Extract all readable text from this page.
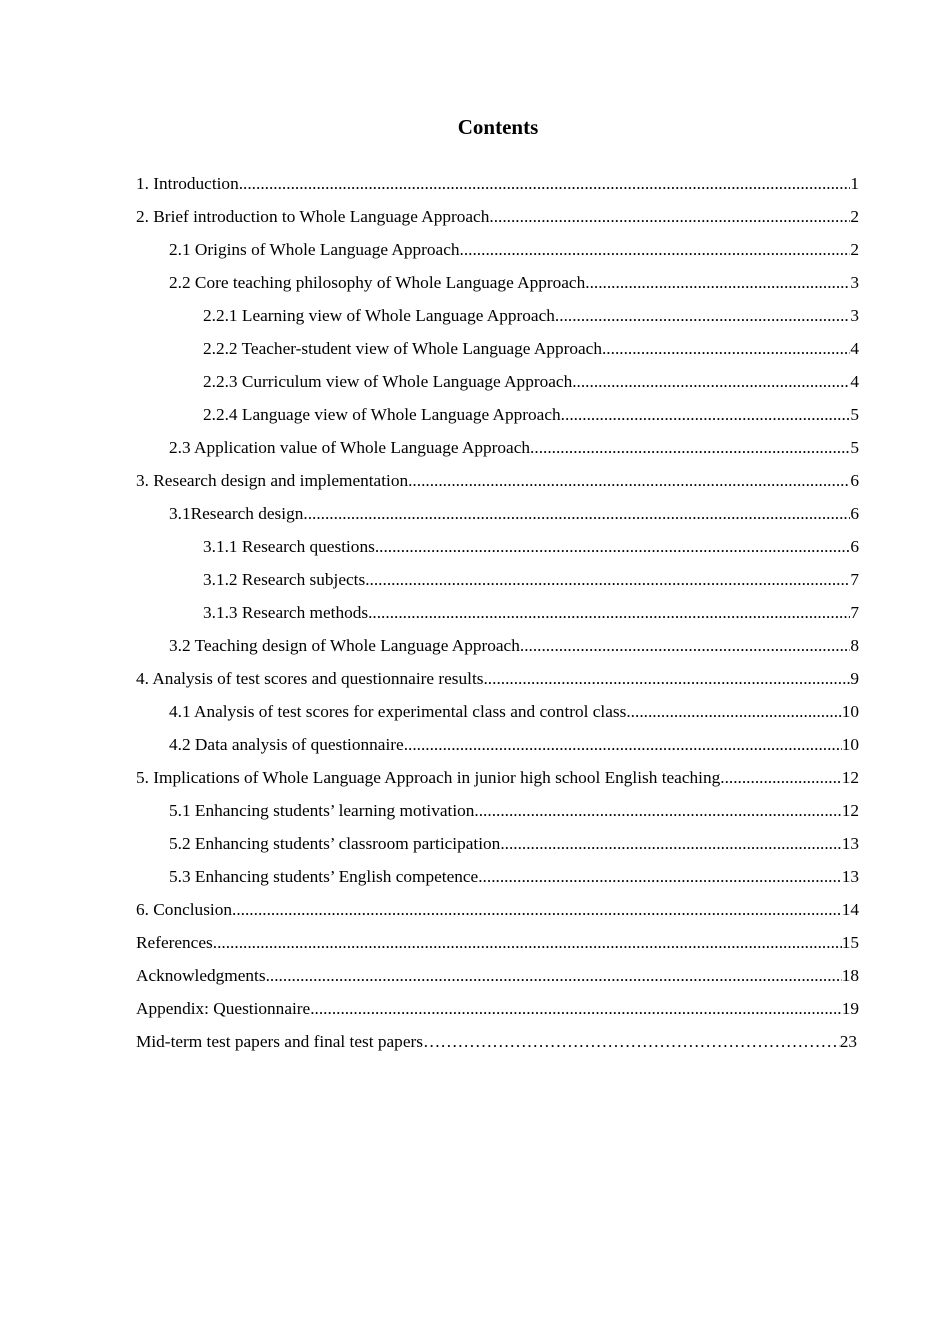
Contents
1. Introduction .....	1
2. Brief introduction to Whole Language Approach .....	2
2.1 Origins of Whole Language Approach .....	2
2.2 Core teaching philosophy of Whole Language Approach .....	3
2.2.1 Learning view of Whole Language Approach .....	3
2.2.2 Teacher-student view of Whole Language Approach .....	4
2.2.3 Curriculum view of Whole Language Approach .....	4
2.2.4 Language view of Whole Language Approach .....	5
2.3 Application value of Whole Language Approach .....	5
3. Research design and implementation .....	6
3.1Research design .....	6
3.1.1 Research questions .....	6
3.1.2 Research subjects .....	7
3.1.3 Research methods .....	7
3.2 Teaching design of Whole Language Approach .....	8
4. Analysis of test scores and questionnaire results .....	9
4.1 Analysis of test scores for experimental class and control class .....	10
4.2 Data analysis of questionnaire .....	10
5. Implications of Whole Language Approach in junior high school English teaching .....	12
5.1 Enhancing students’ learning motivation .....	12
5.2 Enhancing students’ classroom participation .....	13
5.3 Enhancing students’ English competence .....	13
6. Conclusion .....	14
References .....	15
Acknowledgments .....	18
Appendix: Questionnaire .....	19
Mid-term test papers and final test papers ………………………………………………………………………………………………………………………………………………………………………………………………	23
